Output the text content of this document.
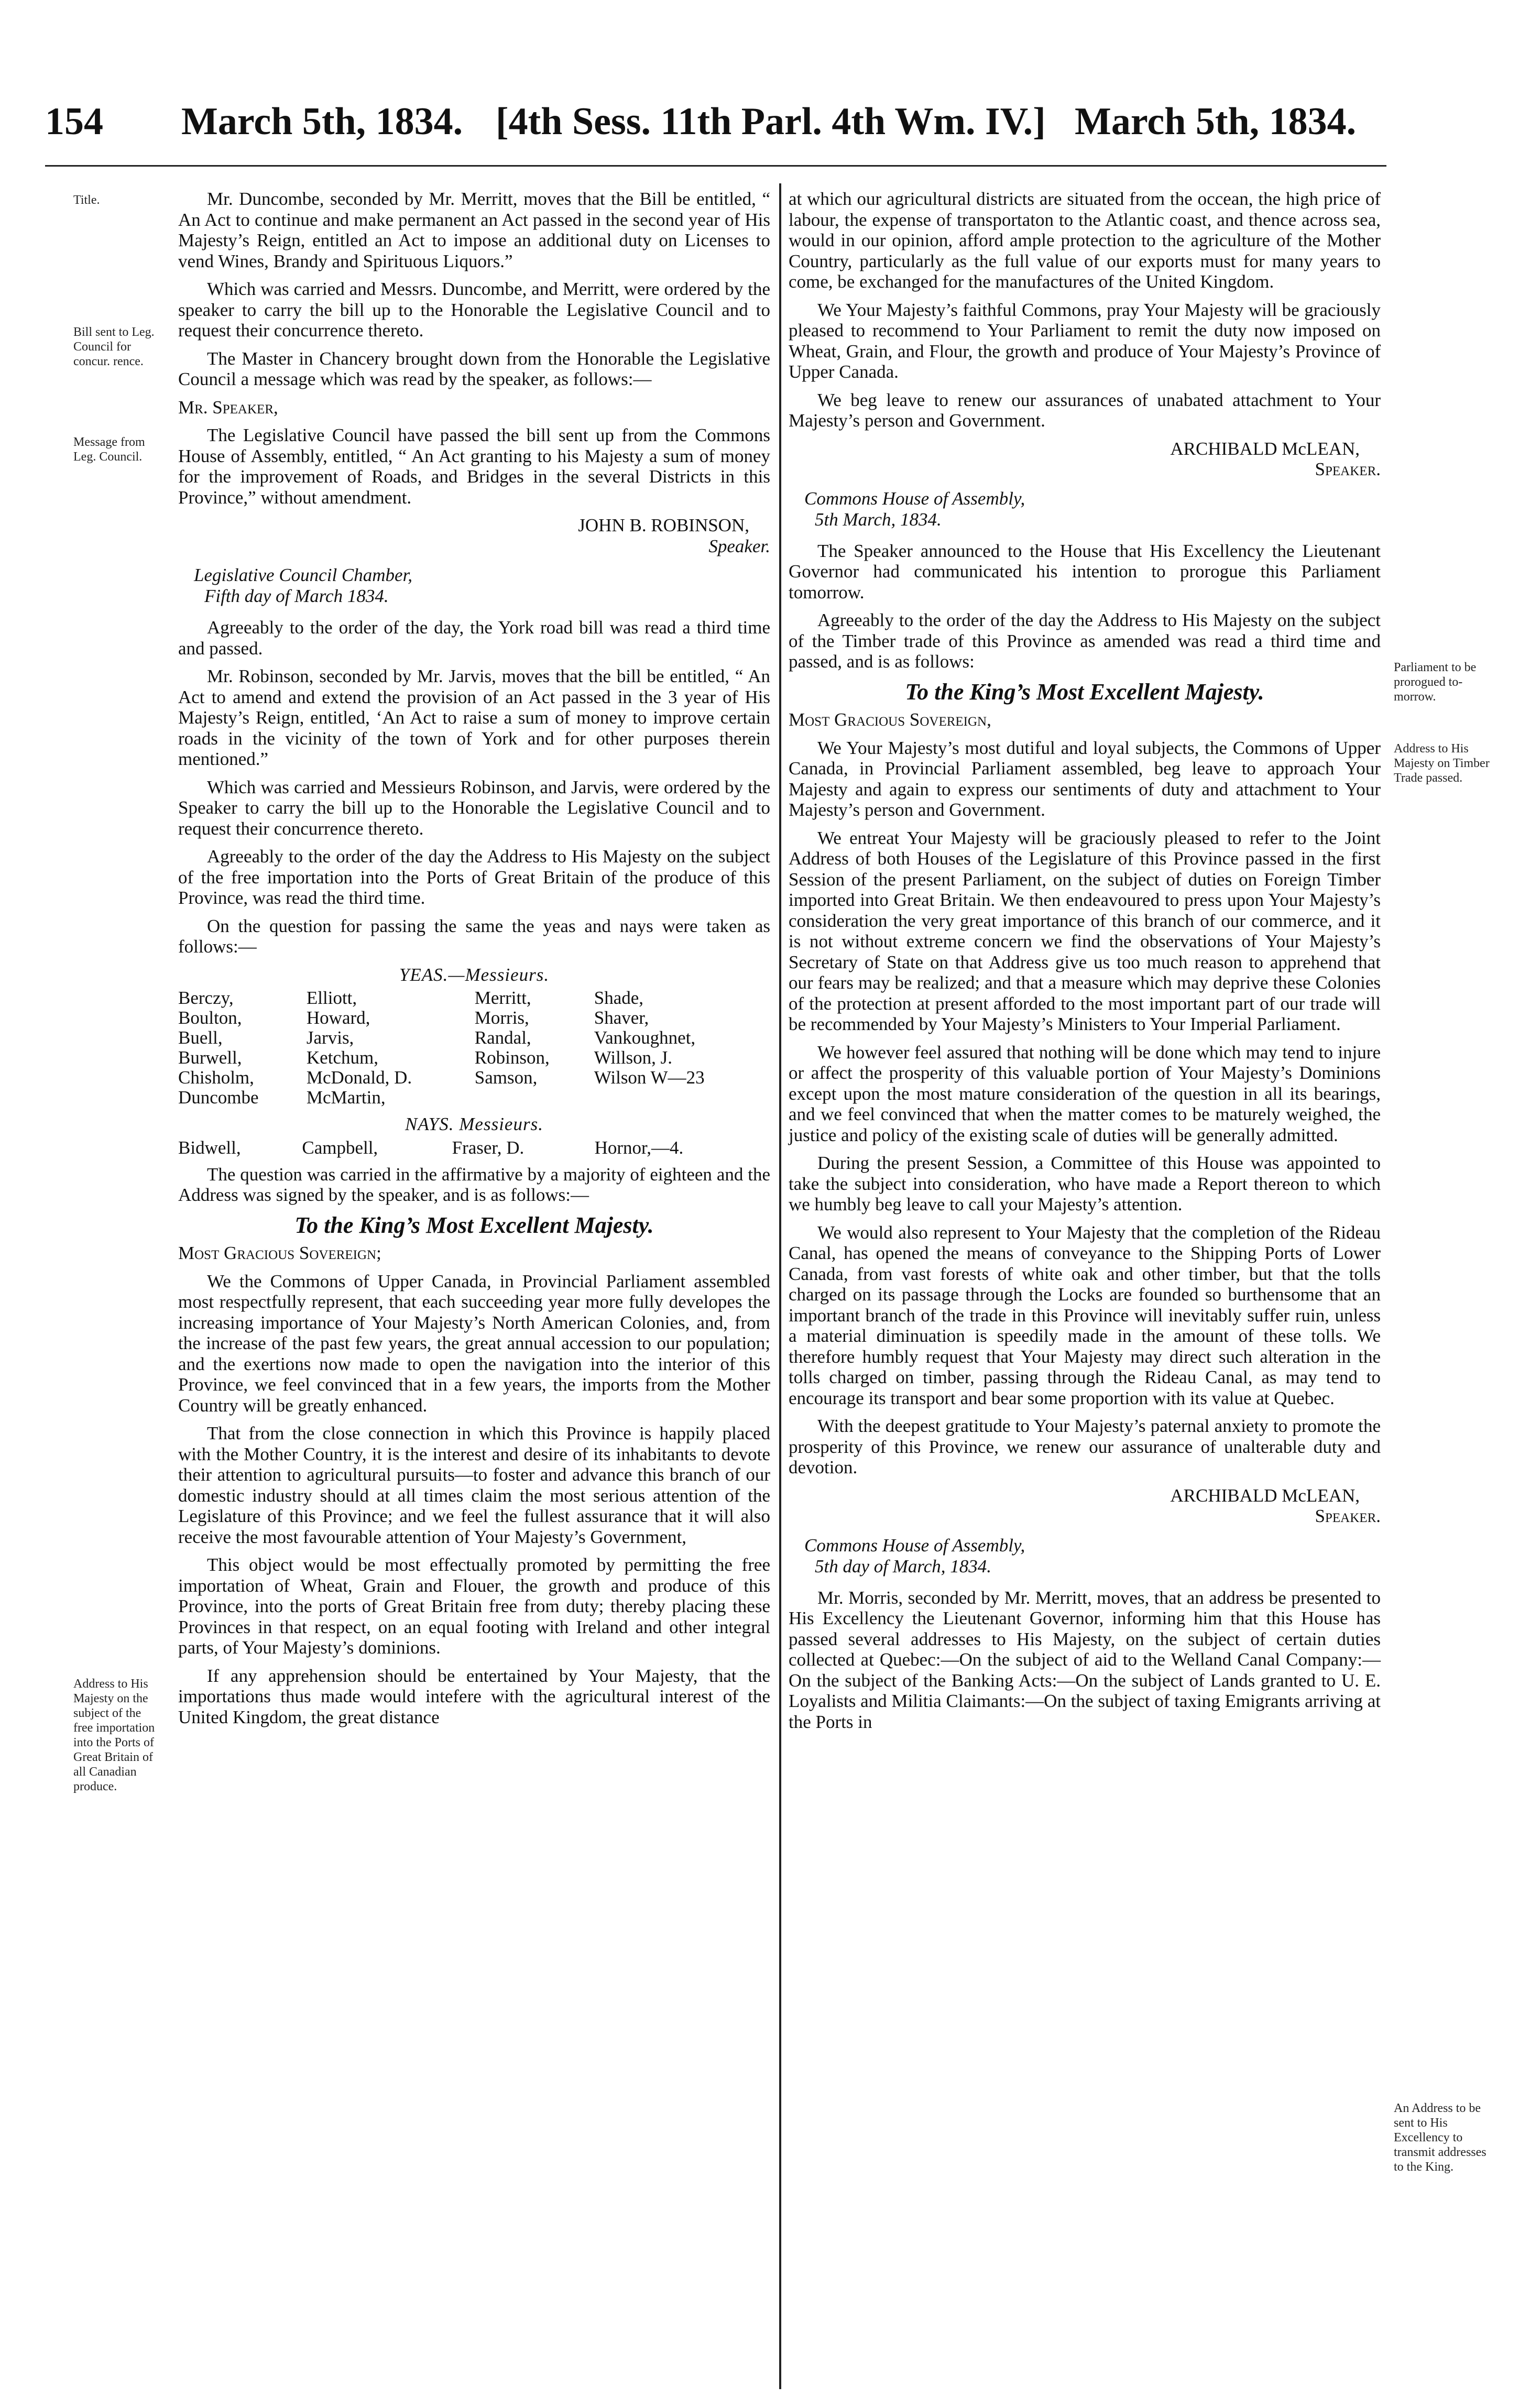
154 March 5th, 1834. [4th Sess. 11th Parl. 4th Wm. IV.] March 5th, 1834.
Title.
Bill sent to Leg. Council for concur. rence.
Message from Leg. Council.
Address to His Majesty on the subject of the free importation into the Ports of Great Britain of all Canadian produce.
Parliament to be prorogued to-morrow.
Address to His Majesty on Timber Trade passed.
An Address to be sent to His Excellency to transmit addresses to the King.

Mr. Duncombe, seconded by Mr. Merritt, moves that the Bill be entitled, “ An Act to continue and make permanent an Act passed in the second year of His Majesty’s Reign, entitled an Act to impose an additional duty on Licenses to vend Wines, Brandy and Spirituous Liquors.”

Which was carried and Messrs. Duncombe, and Merritt, were ordered by the speaker to carry the bill up to the Honorable the Legislative Council and to request their concurrence thereto.

The Master in Chancery brought down from the Honorable the Legislative Council a message which was read by the speaker, as follows:—

Mr. Speaker,

The Legislative Council have passed the bill sent up from the Commons House of Assembly, entitled, “ An Act granting to his Majesty a sum of money for the improvement of Roads, and Bridges in the several Districts in this Province,” without amendment.

JOHN B. ROBINSON,
Speaker.
Legislative Council Chamber,
Fifth day of March 1834.

Agreeably to the order of the day, the York road bill was read a third time and passed.

Mr. Robinson, seconded by Mr. Jarvis, moves that the bill be entitled, “ An Act to amend and extend the provision of an Act passed in the 3 year of His Majesty’s Reign, entitled, ‘An Act to raise a sum of money to improve certain roads in the vicinity of the town of York and for other purposes therein mentioned.”

Which was carried and Messieurs Robinson, and Jarvis, were ordered by the Speaker to carry the bill up to the Honorable the Legislative Council and to request their concurrence thereto.

Agreeably to the order of the day the Address to His Majesty on the subject of the free importation into the Ports of Great Britain of the produce of this Province, was read the third time.

On the question for passing the same the yeas and nays were taken as follows:—

YEAS.—Messieurs.

Berczy,	Elliott,	Merritt,	Shade,
Boulton,	Howard,	Morris,	Shaver,
Buell,	Jarvis,	Randal,	Vankoughnet,
Burwell,	Ketchum,	Robinson,	Willson, J.
Chisholm,	McDonald, D.	Samson,	Wilson W—23
Duncombe	McMartin,		

NAYS. Messieurs.

Bidwell,	Campbell,	Fraser, D.	Hornor,—4.

The question was carried in the affirmative by a majority of eighteen and the Address was signed by the speaker, and is as follows:—

To the King’s Most Excellent Majesty.

Most Gracious Sovereign;

We the Commons of Upper Canada, in Provincial Parliament assembled most respectfully represent, that each succeeding year more fully developes the increasing importance of Your Majesty’s North American Colonies, and, from the increase of the past few years, the great annual accession to our population; and the exertions now made to open the navigation into the interior of this Province, we feel convinced that in a few years, the imports from the Mother Country will be greatly enhanced.

That from the close connection in which this Province is happily placed with the Mother Country, it is the interest and desire of its inhabitants to devote their attention to agricultural pursuits—to foster and advance this branch of our domestic industry should at all times claim the most serious attention of the Legislature of this Province; and we feel the fullest assurance that it will also receive the most favourable attention of Your Majesty’s Government,

This object would be most effectually promoted by permitting the free importation of Wheat, Grain and Flouer, the growth and produce of this Province, into the ports of Great Britain free from duty; thereby placing these Provinces in that respect, on an equal footing with Ireland and other integral parts, of Your Majesty’s dominions.

If any apprehension should be entertained by Your Majesty, that the importations thus made would intefere with the agricultural interest of the United Kingdom, the great distance

at which our agricultural districts are situated from the occean, the high price of labour, the expense of transportaton to the Atlantic coast, and thence across sea, would in our opinion, afford ample protection to the agriculture of the Mother Country, particularly as the full value of our exports must for many years to come, be exchanged for the manufactures of the United Kingdom.

We Your Majesty’s faithful Commons, pray Your Majesty will be graciously pleased to recommend to Your Parliament to remit the duty now imposed on Wheat, Grain, and Flour, the growth and produce of Your Majesty’s Province of Upper Canada.

We beg leave to renew our assurances of unabated attachment to Your Majesty’s person and Government.

ARCHIBALD McLEAN,
Speaker.
Commons House of Assembly,
5th March, 1834.

The Speaker announced to the House that His Excellency the Lieutenant Governor had communicated his intention to prorogue this Parliament tomorrow.

Agreeably to the order of the day the Address to His Majesty on the subject of the Timber trade of this Province as amended was read a third time and passed, and is as follows:

To the King’s Most Excellent Majesty.

Most Gracious Sovereign,

We Your Majesty’s most dutiful and loyal subjects, the Commons of Upper Canada, in Provincial Parliament assembled, beg leave to approach Your Majesty and again to express our sentiments of duty and attachment to Your Majesty’s person and Government.

We entreat Your Majesty will be graciously pleased to refer to the Joint Address of both Houses of the Legislature of this Province passed in the first Session of the present Parliament, on the subject of duties on Foreign Timber imported into Great Britain. We then endeavoured to press upon Your Majesty’s consideration the very great importance of this branch of our commerce, and it is not without extreme concern we find the observations of Your Majesty’s Secretary of State on that Address give us too much reason to apprehend that our fears may be realized; and that a measure which may deprive these Colonies of the protection at present afforded to the most important part of our trade will be recommended by Your Majesty’s Ministers to Your Imperial Parliament.

We however feel assured that nothing will be done which may tend to injure or affect the prosperity of this valuable portion of Your Majesty’s Dominions except upon the most mature consideration of the question in all its bearings, and we feel convinced that when the matter comes to be maturely weighed, the justice and policy of the existing scale of duties will be generally admitted.

During the present Session, a Committee of this House was appointed to take the subject into consideration, who have made a Report thereon to which we humbly beg leave to call your Majesty’s attention.

We would also represent to Your Majesty that the completion of the Rideau Canal, has opened the means of conveyance to the Shipping Ports of Lower Canada, from vast forests of white oak and other timber, but that the tolls charged on its passage through the Locks are founded so burthensome that an important branch of the trade in this Province will inevitably suffer ruin, unless a material diminuation is speedily made in the amount of these tolls. We therefore humbly request that Your Majesty may direct such alteration in the tolls charged on timber, passing through the Rideau Canal, as may tend to encourage its transport and bear some proportion with its value at Quebec.

With the deepest gratitude to Your Majesty’s paternal anxiety to promote the prosperity of this Province, we renew our assurance of unalterable duty and devotion.

ARCHIBALD McLEAN,
Speaker.
Commons House of Assembly,
5th day of March, 1834.

Mr. Morris, seconded by Mr. Merritt, moves, that an address be presented to His Excellency the Lieutenant Governor, informing him that this House has passed several addresses to His Majesty, on the subject of certain duties collected at Quebec:—On the subject of aid to the Welland Canal Company:—On the subject of the Banking Acts:—On the subject of Lands granted to U. E. Loyalists and Militia Claimants:—On the subject of taxing Emigrants arriving at the Ports in
